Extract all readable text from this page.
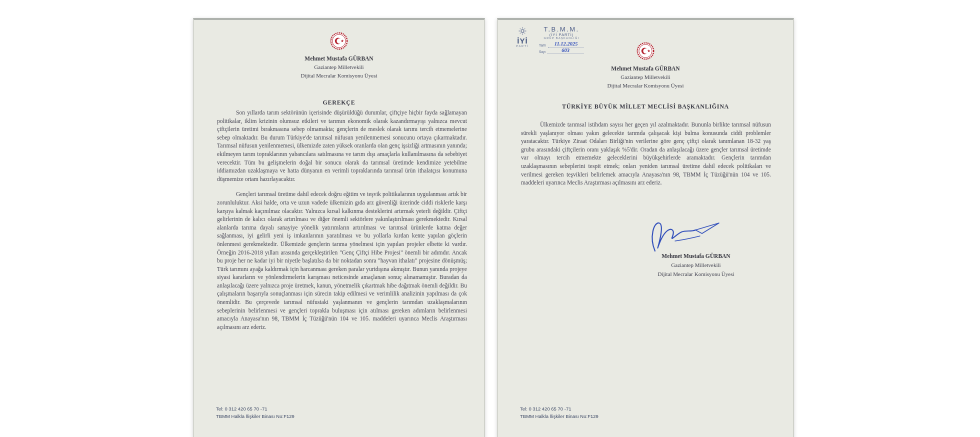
Mehmet Mustafa GÜRBAN
Gaziantep Milletvekili
Dijital Mecralar Komisyonu Üyesi
GEREKÇE

Son yıllarda tarım sektörünün içerisinde düşürüldüğü durumlar, çiftçiye hiçbir fayda sağlamayan politikalar, iklim krizinin olumsuz etkileri ve tarımın ekonomik olarak kazandırmayışı yalnızca mevcut çiftçilerin üretimi bırakmasına sebep olmamakta; gençlerin de meslek olarak tarımı tercih etmemelerine sebep olmaktadır. Bu durum Türkiye'de tarımsal nüfusun yenilenmemesi sonucunu ortaya çıkarmaktadır. Tarımsal nüfusun yenilenmemesi, ülkemizde zaten yüksek oranlarda olan genç işsizliği artmasının yanında; ekilmeyen tarım topraklarının yabancılara satılmasına ve tarım dışı amaçlarla kullanılmasına da sebebiyet verecektir. Tüm bu gelişmelerin doğal bir sonucu olarak da tarımsal üretimde kendimize yetebilme iddiamızdan uzaklaşmaya ve hatta dünyanın en verimli topraklarında tarımsal ürün ithalatçısı konumuna düşmemize ortam hazırlayacaktır.

Gençleri tarımsal üretime dahil edecek doğru eğitim ve teşvik politikalarının uygulanması artık bir zorunluluktur. Aksi halde, orta ve uzun vadede ülkemizin gıda arz güvenliği üzerinde ciddi risklerle karşı karşıya kalmak kaçınılmaz olacaktır. Yalnızca kırsal kalkınma desteklerini artırmak yeterli değildir. Çiftçi gelirlerinin de kalıcı olarak artırılması ve diğer önemli sektörlere yakınlaştırılması gerekmektedir. Kırsal alanlarda tarıma dayalı sanayiye yönelik yatırımların artırılması ve tarımsal ürünlerde katma değer sağlanması, iyi gelirli yeni iş imkanlarının yaratılması ve bu yollarla kırdan kente yapılan göçlerin önlenmesi gerekmektedir. Ülkemizde gençlerin tarıma yönelmesi için yapılan projeler elbette ki vardır. Örneğin 2016-2018 yılları arasında gerçekleştirilen "Genç Çiftçi Hibe Projesi" önemli bir adımdır. Ancak bu proje her ne kadar iyi bir niyetle başlatılsa da bir noktadan sonra "hayvan ithalatı" projesine dönüşmüş; Türk tarımını ayağa kaldırmak için harcanması gereken paralar yurtdışına akmıştır. Bunun yanında projeye siyasi kararların ve yönlendirmelerin karışması neticesinde amaçlanan sonuç alınamamıştır. Buradan da anlaşılacağı üzere yalnızca proje üretmek, kanun, yönetmelik çıkartmak hibe dağıtmak önemli değildir. Bu çalışmaların başarıyla sonuçlanması için sürecin takip edilmesi ve verimlilik analizinin yapılması da çok önemlidir. Bu çerçevede tarımsal nüfustaki yaşlanmanın ve gençlerin tarımdan uzaklaşmalarının sebeplerinin belirlenmesi ve gençleri toprakla buluşması için atılması gereken adımların belirlenmesi amacıyla Anayasa'nın 98, TBMM İç Tüzüğü'nün 104 ve 105. maddeleri uyarınca Meclis Araştırması açılmasını arz ederiz.

Tel: 0 312 420 65 70 -71
TBMM Halkla İlişkiler Binası No:F129
İYİ
PARTİ
T.B.M.M.
(İYİ PARTİ)
GRUP BAŞKANLIĞI
Tarih 11.12.2025
Sayı	603
Mehmet Mustafa GÜRBAN
Gaziantep Milletvekili
Dijital Mecralar Komisyonu Üyesi
TÜRKİYE BÜYÜK MİLLET MECLİSİ BAŞKANLIĞINA

Ülkemizde tarımsal istihdam sayısı her geçen yıl azalmaktadır. Bununla birlikte tarımsal nüfusun sürekli yaşlanıyor olması yakın gelecekte tarımda çalışacak kişi bulma konusunda ciddi problemler yaratacaktır. Türkiye Ziraat Odaları Birliği'nin verilerine göre genç çiftçi olarak tanımlanan 18-32 yaş grubu arasındaki çiftçilerin oranı yaklaşık %5'dir. Oradan da anlaşılacağı üzere gençler tarımsal üretimde var olmayı tercih etmemekte geleceklerini büyükşehirlerde aramaktadır. Gençlerin tarımdan uzaklaşmasının sebeplerini tespit etmek; onları yeniden tarımsal üretime dahil edecek politikaları ve verilmesi gereken teşvikleri belirlemek amacıyla Anayasa'nın 98, TBMM İç Tüzüğü'nün 104 ve 105. maddeleri uyarınca Meclis Araştırması açılmasını arz ederiz.

Mehmet Mustafa GÜRBAN
Gaziantep Milletvekili
Dijital Mecralar Komisyonu Üyesi
Tel: 0 312 420 65 70 -71
TBMM Halkla İlişkiler Binası No:F129
